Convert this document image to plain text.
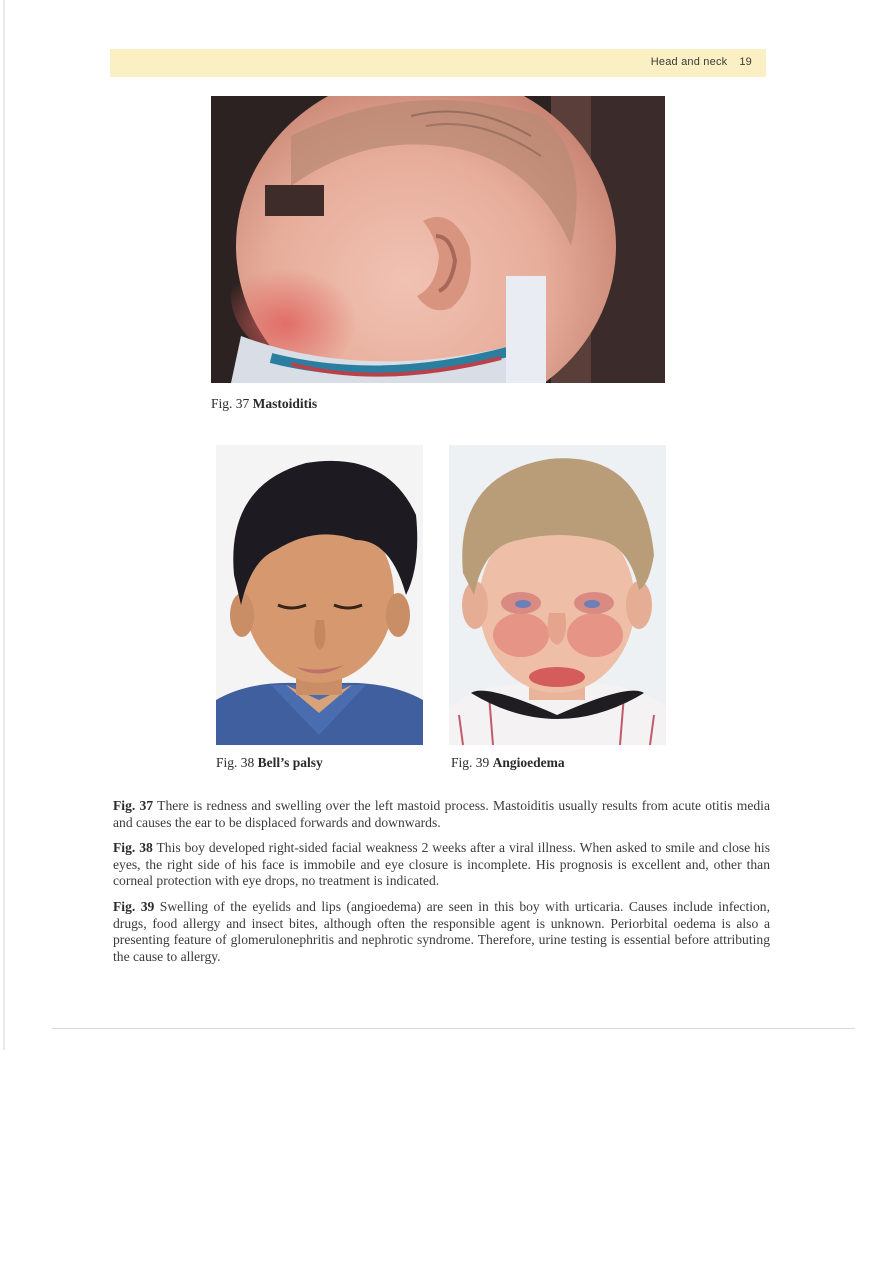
Head and neck 19
Fig. 37 Mastoiditis
Fig. 38 Bell’s palsy	Fig. 39 Angioedema
Fig. 37 There is redness and swelling over the left mastoid process. Mastoiditis usually results from acute otitis media and causes the ear to be displaced forwards and downwards.
Fig. 38 This boy developed right-sided facial weakness 2 weeks after a viral illness. When asked to smile and close his eyes, the right side of his face is immobile and eye closure is incomplete. His prognosis is excellent and, other than corneal protection with eye drops, no treatment is indicated.
Fig. 39 Swelling of the eyelids and lips (angioedema) are seen in this boy with urticaria. Causes include infection, drugs, food allergy and insect bites, although often the responsible agent is unknown. Periorbital oedema is also a presenting feature of glomerulonephritis and nephrotic syndrome. Therefore, urine testing is essential before attributing the cause to allergy.
